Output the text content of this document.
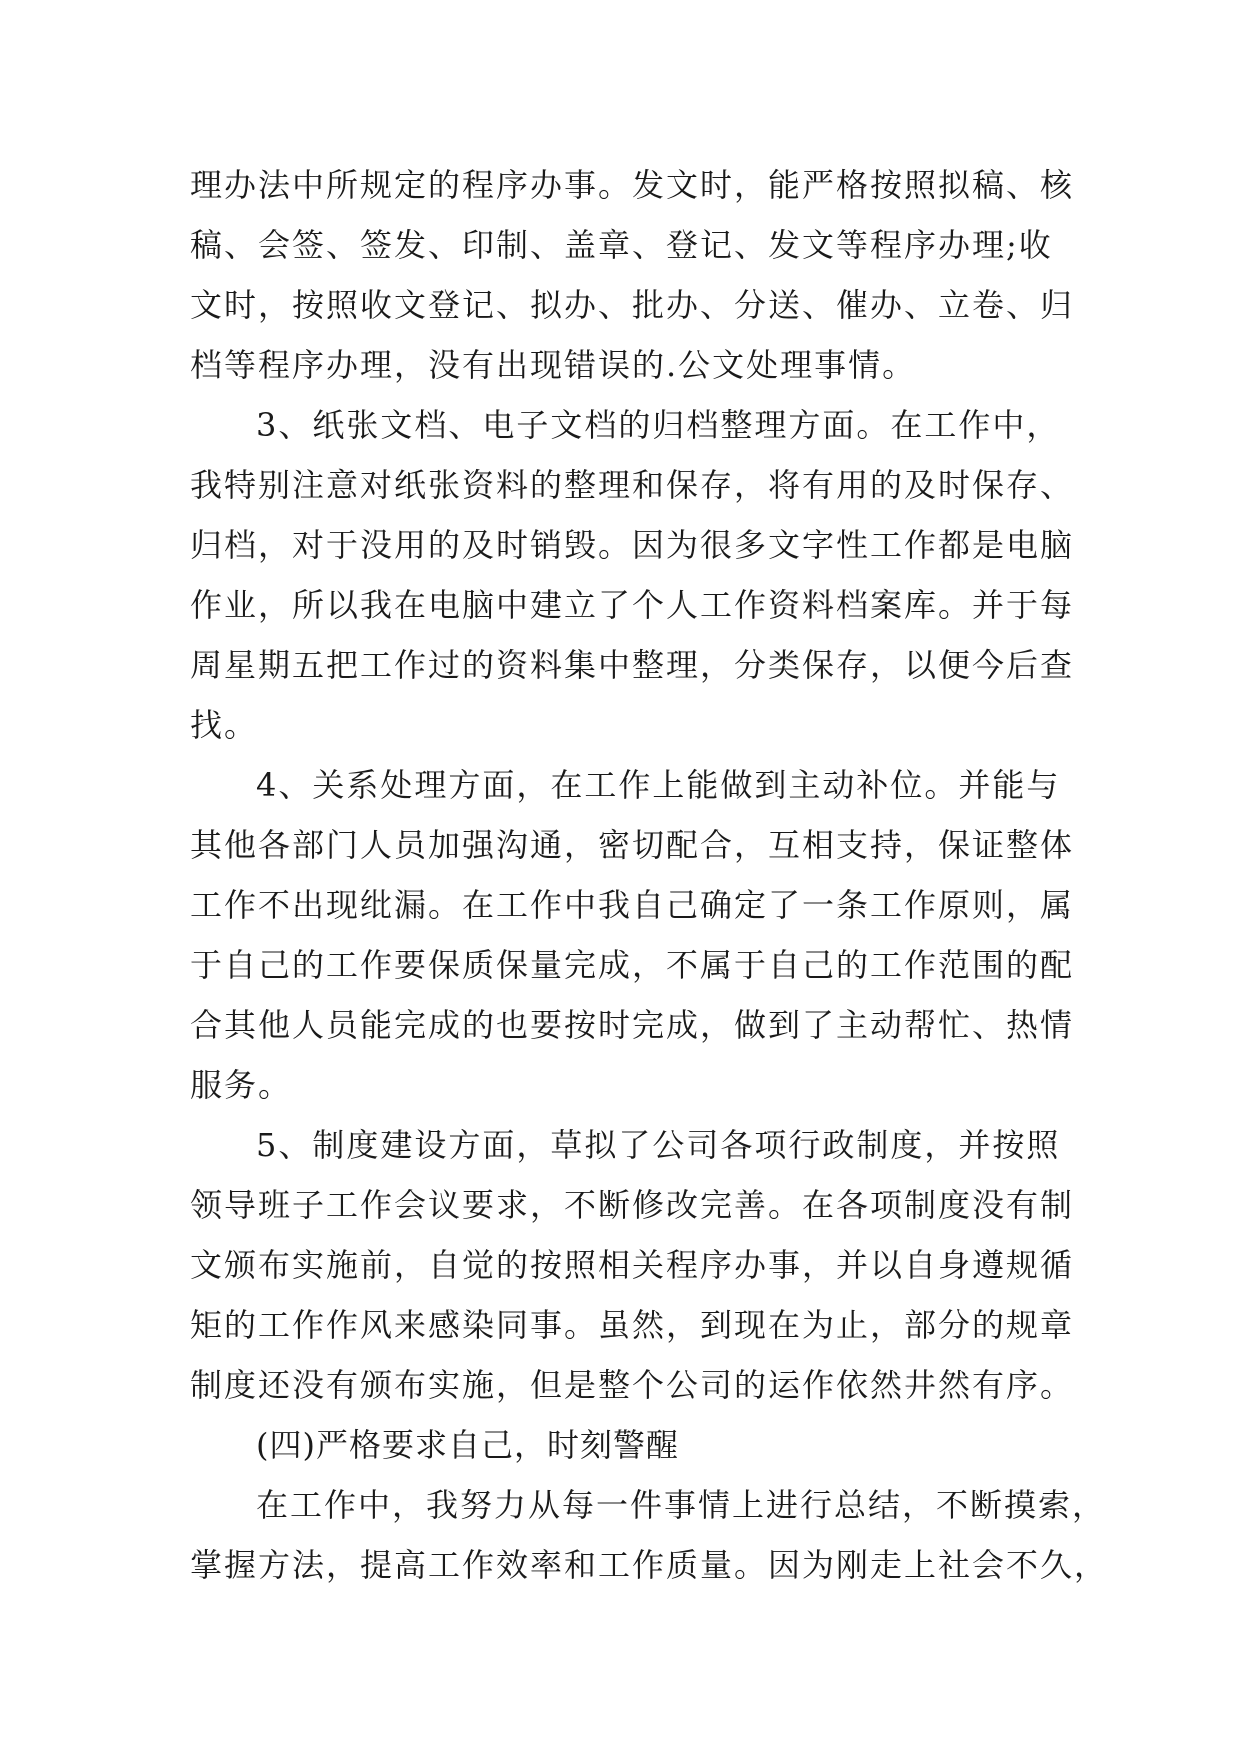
理办法中所规定的程序办事。发文时，能严格按照拟稿、核
稿、会签、签发、印制、盖章、登记、发文等程序办理;收
文时，按照收文登记、拟办、批办、分送、催办、立卷、归
档等程序办理，没有出现错误的.公文处理事情。
3、纸张文档、电子文档的归档整理方面。在工作中，
我特别注意对纸张资料的整理和保存，将有用的及时保存、
归档，对于没用的及时销毁。因为很多文字性工作都是电脑
作业，所以我在电脑中建立了个人工作资料档案库。并于每
周星期五把工作过的资料集中整理，分类保存，以便今后查
找。
4、关系处理方面，在工作上能做到主动补位。并能与
其他各部门人员加强沟通，密切配合，互相支持，保证整体
工作不出现纰漏。在工作中我自己确定了一条工作原则，属
于自己的工作要保质保量完成，不属于自己的工作范围的配
合其他人员能完成的也要按时完成，做到了主动帮忙、热情
服务。
5、制度建设方面，草拟了公司各项行政制度，并按照
领导班子工作会议要求，不断修改完善。在各项制度没有制
文颁布实施前，自觉的按照相关程序办事，并以自身遵规循
矩的工作作风来感染同事。虽然，到现在为止，部分的规章
制度还没有颁布实施，但是整个公司的运作依然井然有序。
(四)严格要求自己，时刻警醒
在工作中，我努力从每一件事情上进行总结，不断摸索，
掌握方法，提高工作效率和工作质量。因为刚走上社会不久，
